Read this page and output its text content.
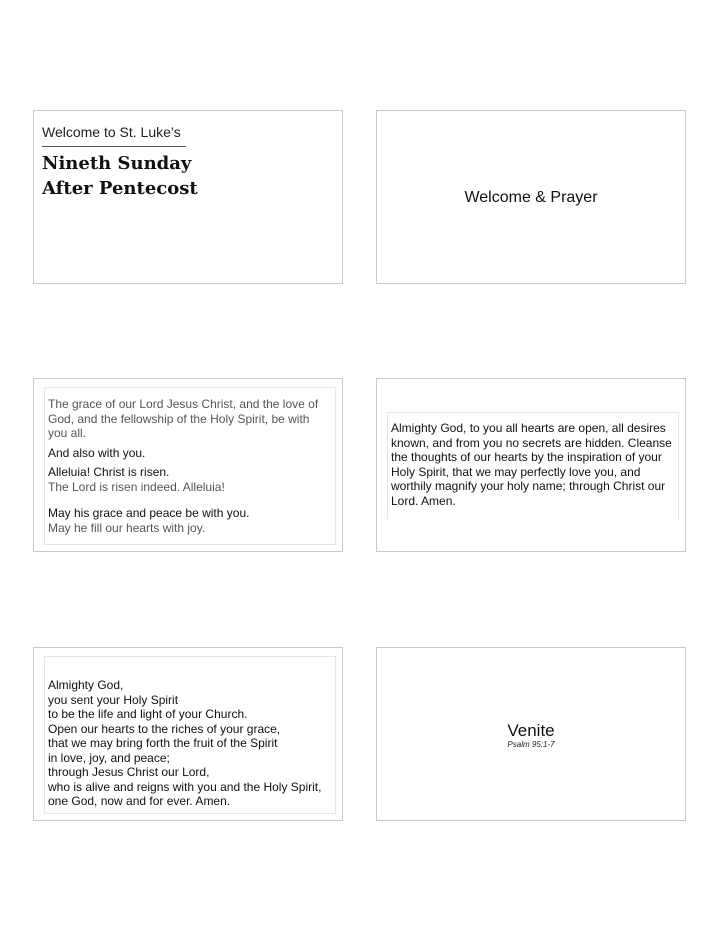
Welcome to St. Luke’s
Nineth Sunday
After Pentecost	Welcome & Prayer
The grace of our Lord Jesus Christ, and the love of God, and the fellowship of the Holy Spirit, be with you all.
And also with you.
Alleluia! Christ is risen.
The Lord is risen indeed. Alleluia!
May his grace and peace be with you.
May he fill our hearts with joy.
Almighty God, to you all hearts are open, all desires known, and from you no secrets are hidden. Cleanse the thoughts of our hearts by the inspiration of your Holy Spirit, that we may perfectly love you, and worthily magnify your holy name; through Christ our Lord. Amen.
Almighty God,
you sent your Holy Spirit
to be the life and light of your Church.
Open our hearts to the riches of your grace,
that we may bring forth the fruit of the Spirit
in love, joy, and peace;
through Jesus Christ our Lord,
who is alive and reigns with you and the Holy Spirit, one God, now and for ever. Amen.
Venite
Psalm 95:1-7
